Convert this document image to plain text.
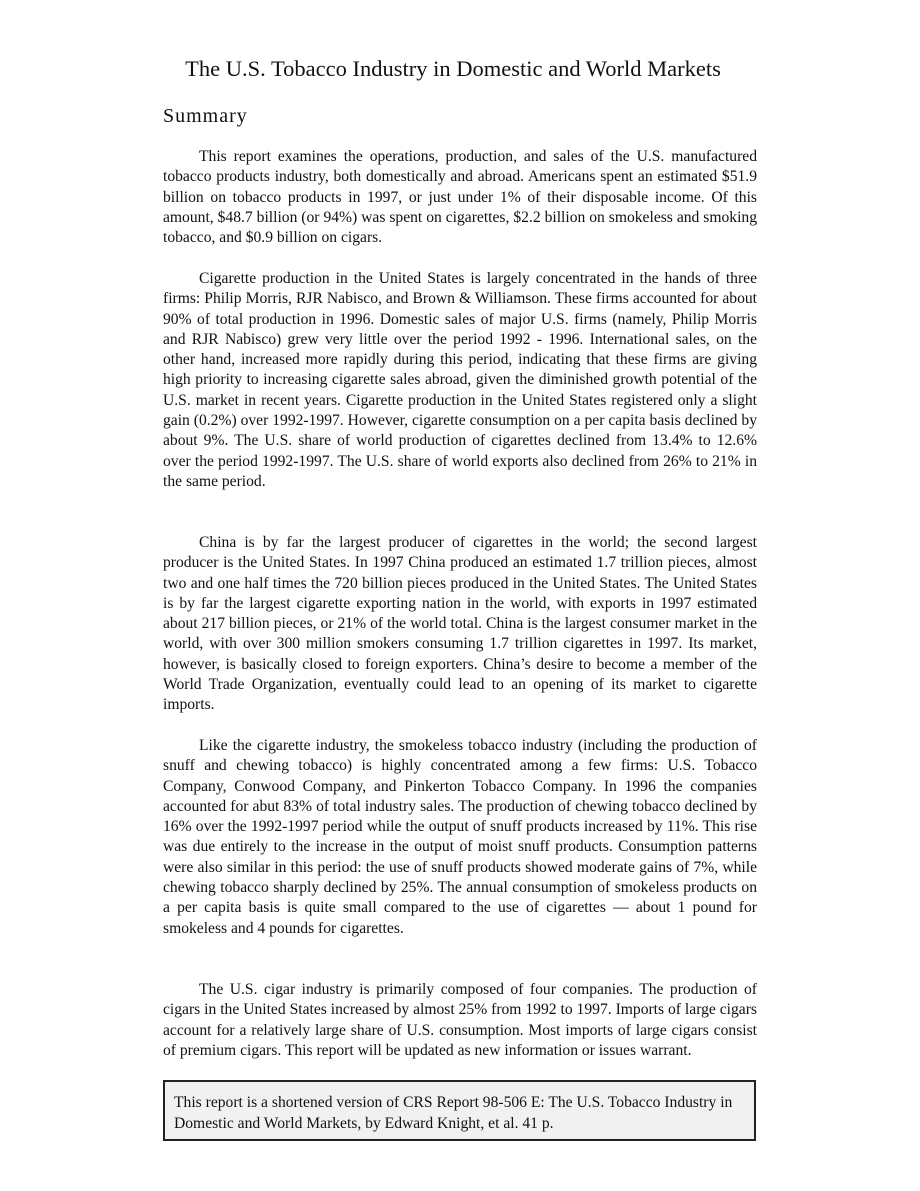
The U.S. Tobacco Industry in Domestic and World Markets
Summary

This report examines the operations, production, and sales of the U.S. manufactured tobacco products industry, both domestically and abroad. Americans spent an estimated $51.9 billion on tobacco products in 1997, or just under 1% of their disposable income. Of this amount, $48.7 billion (or 94%) was spent on cigarettes, $2.2 billion on smokeless and smoking tobacco, and $0.9 billion on cigars.

Cigarette production in the United States is largely concentrated in the hands of three firms: Philip Morris, RJR Nabisco, and Brown & Williamson. These firms accounted for about 90% of total production in 1996. Domestic sales of major U.S. firms (namely, Philip Morris and RJR Nabisco) grew very little over the period 1992 - 1996. International sales, on the other hand, increased more rapidly during this period, indicating that these firms are giving high priority to increasing cigarette sales abroad, given the diminished growth potential of the U.S. market in recent years. Cigarette production in the United States registered only a slight gain (0.2%) over 1992-1997. However, cigarette consumption on a per capita basis declined by about 9%. The U.S. share of world production of cigarettes declined from 13.4% to 12.6% over the period 1992-1997. The U.S. share of world exports also declined from 26% to 21% in the same period.

China is by far the largest producer of cigarettes in the world; the second largest producer is the United States. In 1997 China produced an estimated 1.7 trillion pieces, almost two and one half times the 720 billion pieces produced in the United States. The United States is by far the largest cigarette exporting nation in the world, with exports in 1997 estimated about 217 billion pieces, or 21% of the world total. China is the largest consumer market in the world, with over 300 million smokers consuming 1.7 trillion cigarettes in 1997. Its market, however, is basically closed to foreign exporters. China’s desire to become a member of the World Trade Organization, eventually could lead to an opening of its market to cigarette imports.

Like the cigarette industry, the smokeless tobacco industry (including the production of snuff and chewing tobacco) is highly concentrated among a few firms: U.S. Tobacco Company, Conwood Company, and Pinkerton Tobacco Company. In 1996 the companies accounted for abut 83% of total industry sales. The production of chewing tobacco declined by 16% over the 1992-1997 period while the output of snuff products increased by 11%. This rise was due entirely to the increase in the output of moist snuff products. Consumption patterns were also similar in this period: the use of snuff products showed moderate gains of 7%, while chewing tobacco sharply declined by 25%. The annual consumption of smokeless products on a per capita basis is quite small compared to the use of cigarettes — about 1 pound for smokeless and 4 pounds for cigarettes.

The U.S. cigar industry is primarily composed of four companies. The production of cigars in the United States increased by almost 25% from 1992 to 1997. Imports of large cigars account for a relatively large share of U.S. consumption. Most imports of large cigars consist of premium cigars. This report will be updated as new information or issues warrant.

This report is a shortened version of CRS Report 98-506 E: The U.S. Tobacco Industry in Domestic and World Markets, by Edward Knight, et al. 41 p.
